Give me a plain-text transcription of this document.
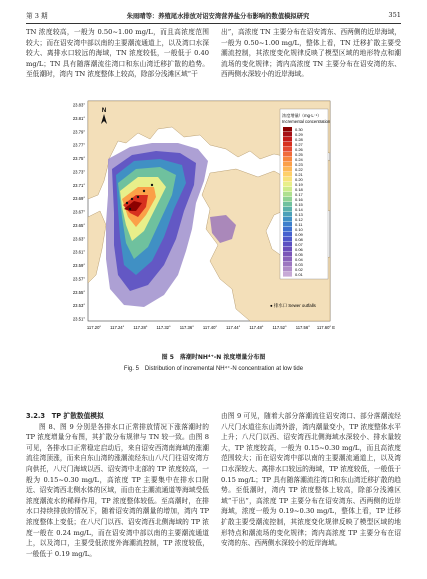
第 3 期	朱雨晴等：养殖尾水排放对诏安湾营养盐分布影响的数值模拟研究	351

TN 浓度较高，一般为 0.50~1.00 mg/L，而且高浓度范围较大；而在诏安湾中部以南的主要潮流通道上，以及湾口水深较大、离排水口较远的海域，TN 浓度较低，一般低于 0.40 mg/L；TN 具有随落潮流往湾口和东山湾迁移扩散的趋势。至低潮时，湾内 TN 浓度整体上较高，除部分浅滩区域“干

出”，高浓度 TN 主要分布在诏安湾东、西两侧的近岸海域，一般为 0.50~1.00 mg/L，整体上看，TN 迁移扩散主要受潮流控制，其浓度变化规律反映了模型区域的地形特点和潮流场的变化规律；湾内高浓度 TN 主要分布在诏安湾的东、西两侧水深较小的近岸海域。

N
23.83°
23.81°
23.79°
23.77°
23.75°
23.73°
23.71°
23.69°
23.67°
23.65°
23.63°
23.61°
23.59°
23.57°
23.55°
23.53°
23.51°
117.20° 117.24° 117.28° 117.32° 117.36° 117.40° 117.44° 117.48° 117.52° 117.56° 117.60° E
浓度增量/（mg·L⁻¹）
Incremental concentration
0.30
0.29
0.28
0.27
0.26
0.25
0.24
0.23
0.22
0.21
0.20
0.19
0.18
0.17
0.16
0.15
0.14
0.13
0.12
0.11
0.10
0.09
0.08
0.07
0.06
0.05
0.04
0.03
0.02
0.01
● 排水口 Sewer outfalls
图 5　落潮时NH⁴⁺-N 浓度增量分布图
Fig. 5　Distribution of incremental NH⁴⁺-N concentration at low tide

3.2.3　TP 扩散数值模拟

图 8、图 9 分别是各排水口正常排放情况下涨落潮时的 TP 浓度增量分布图，其扩散分布规律与 TN 较一致。由图 8 可见，各排水口正常稳定启动后，来自诏安西湾南海域的涨潮流往湾顶涨，而来自东山湾的涨潮流经东山八尺门往诏安湾方向供托，八尺门海域以西、诏安湾中北部的 TP 浓度较高，一般为 0.15~0.30 mg/L，高浓度 TP 主要集中在排水口附近、诏安湾西北侧水体的区域，而由在主潮流通道等海域受低浓度潮流水的稀释作用，TP 浓度整体较低。至高潮时，在排水口持续排放的情况下，随着诏安湾的潮量的增加，湾内 TP 浓度整体上变低；在八尺门以西、诏安湾西北侧海域的 TP 浓度一般在 0.24 mg/L，而在诏安湾中部以南的主要潮流通道上，以及湾口，主要受低浓度外海潮流控制，TP 浓度较低，一般低于 0.19 mg/L。

由图 9 可见，随着大部分落潮流往诏安湾口、部分落潮流经八尺门水道往东山湾外游，湾内潮量变小，TP 浓度整体水平上升；八尺门以西、诏安湾西北侧海域水深较小、排水量较大，TP 浓度较高，一般为 0.15~0.30 mg/L，而且高浓度范围较大；而在诏安湾中部以南的主要潮流通道上，以及湾口水深较大、离排水口较远的海域，TP 浓度较低，一般低于 0.15 mg/L；TP 具有随落潮流往湾口和东山湾迁移扩散的趋势。至低潮时，湾内 TP 浓度整体上较高，除部分浅滩区域“干出”，高浓度 TP 主要分布在诏安湾东、西两侧的近岸海域，浓度一般为 0.19~0.30 mg/L，整体上看，TP 迁移扩散主要受潮流控制，其浓度变化规律反映了模型区域的地形特点和潮流场的变化规律；湾内高浓度 TP 主要分布在诏安湾的东、西两侧水深较小的近岸海域。
